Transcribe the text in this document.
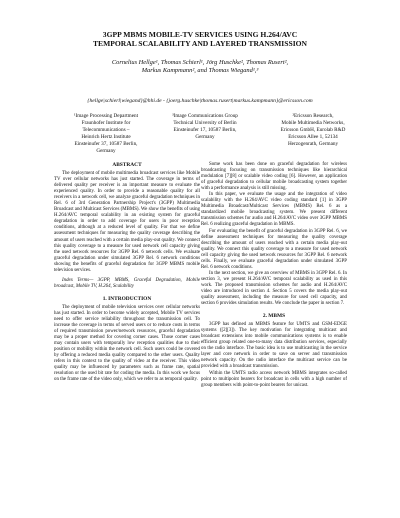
3GPP MBMS MOBILE-TV SERVICES USING H.264/AVC
TEMPORAL SCALABILITY AND LAYERED TRANSMISSION
Cornelius Hellge¹, Thomas Schierl¹, Jörg Huschke², Thomas Rusert²,
Markus Kampmann², and Thomas Wiegand¹,³
{hellge|schierl|wiegand}@hhi.de - {joerg.huschke|thomas.rusert|markus.kampmann}@ericsson.com
¹Image Processing Department
Fraunhofer Institute for
Telecommunications –
Heinrich Hertz Institute
Einsteinufer 37, 10587 Berlin,
Germany
³Image Communications Group
Technical University of Berlin
Einsteinufer 17, 10587 Berlin,
Germany
²Ericsson Research,
Mobile Multimedia Networks,
Ericsson GmbH, Eurolab R&D
Ericsson Allee 1, 52134
Herzogenrath, Germany

ABSTRACT

The deployment of mobile multimedia broadcast services like Mobile TV over cellular networks has just started. The coverage in terms of delivered quality per receiver is an important measure to evaluate the experienced quality. In order to provide a reasonable quality for all receivers in a network cell, we analyze graceful degradation techniques in Rel. 6 of 3rd Generation Partnership Project's (3GPP) Multimedia Broadcast and Multicast Services (MBMS). We show the benefits of using H.264/AVC temporal scalability in an existing system for graceful degradation in order to add coverage for users in poor reception conditions, although at a reduced level of quality. For that we define assessment techniques for measuring the quality coverage describing the amount of users reached with a certain media play-out quality. We connect this quality coverage to a measure for used network cell capacity giving the used network resources for 3GPP Rel. 6 network cells. We evaluate graceful degradation under simulated 3GPP Rel. 6 network conditions showing the benefits of graceful degradation for 3GPP MBMS mobile television services.

Index Terms— 3GPP, MBMS, Graceful Degradation, Mobile broadcast, Mobile TV, H.264, Scalability

1. INTRODUCTION

The deployment of mobile television services over cellular networks has just started. In order to become widely accepted, Mobile TV services need to offer service reliability throughout the transmission cell. To increase the coverage in terms of served users or to reduce costs in terms of required transmission power/network resources, graceful degradation may be a proper method for covering corner cases. Those corner cases may contain users with temporally low reception qualities due to their position or mobility within the network cell. Such users could be covered by offering a reduced media quality compared to the other users. Quality refers in this context to the quality of video at the receiver. This video quality may be influenced by parameters such as frame rate, spatial resolution or the used bit rate for coding the media. In this work we focus on the frame rate of the video only, which we refer to as temporal quality.

Some work has been done on graceful degradation for wireless broadcasting focusing on transmission techniques like hierarchical modulation [7][8] or scalable video coding [6]. However, an application of graceful degradation to cellular mobile broadcasting system together with a performance analysis is still missing.

In this paper, we evaluate the usage and the integration of video scalability with the H.264/AVC video coding standard [1] in 3GPP Multimedia Broadcast/Multicast Services (MBMS) Rel. 6 as a standardized mobile broadcasting system. We present different transmission schemes for audio and H.264/AVC video over 3GPP MBMS Rel. 6 realizing graceful degradation in MBMS.

For evaluating the benefit of graceful degradation in 3GPP Rel. 6, we define assessment techniques for measuring the quality coverage describing the amount of users reached with a certain media play-out quality. We connect this quality coverage to a measure for used network cell capacity giving the used network resources for 3GPP Rel. 6 network cells. Finally, we evaluate graceful degradation under simulated 3GPP Rel. 6 network conditions.

In the next section, we give an overview of MBMS in 3GPP Rel. 6. In section 3, we present H.264/AVC temporal scalability as used in this work. The proposed transmission schemes for audio and H.264/AVC video are introduced in section 4. Section 5 covers the media play-out quality assessment, including the measure for used cell capacity, and section 6 provides simulation results. We conclude the paper in section 7.

2. MBMS

3GPP has defined an MBMS feature for UMTS and GSM-EDGE systems ([2][3]). The key motivation for integrating multicast and broadcast extensions into mobile communications systems is to enable efficient group related one-to-many data distribution services, especially on the radio interface. The basic idea is to use multicasting in the service layer and core network in order to save on server and transmission network capacity. On the radio interface the multicast service can be provided with a broadcast transmission.

Within the UMTS radio access network MBMS integrates so-called point to multipoint bearers for broadcast in cells with a high number of group members with point-to-point bearers for unicast.
